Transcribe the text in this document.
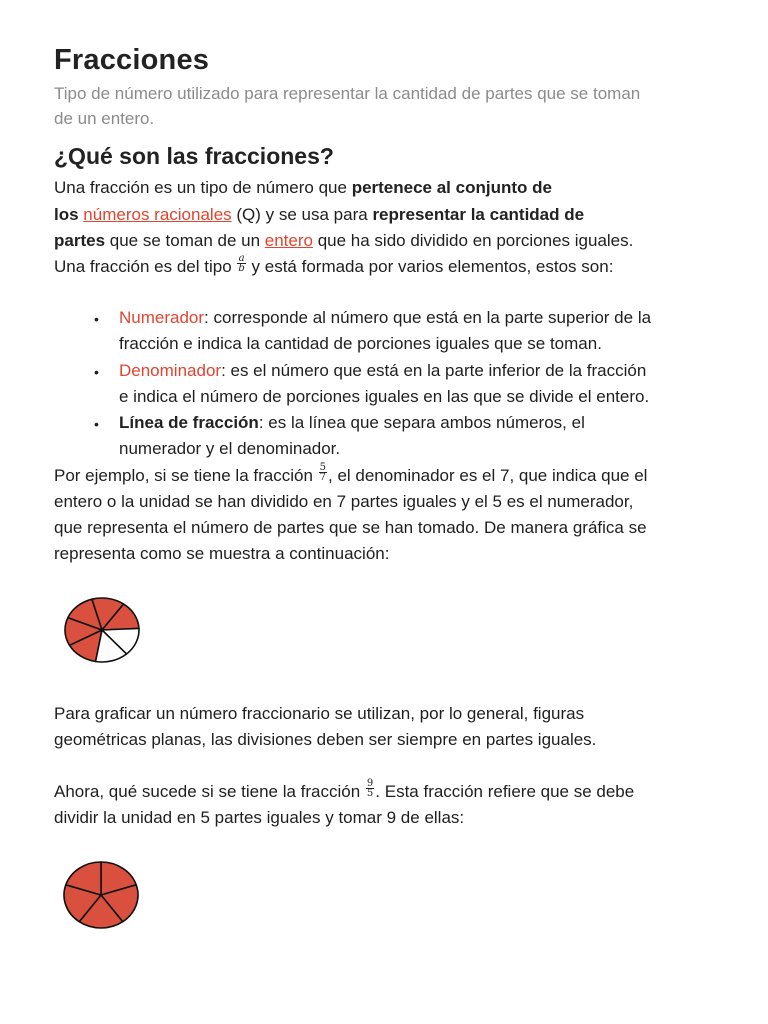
Fracciones
Tipo de número utilizado para representar la cantidad de partes que se toman
de un entero.
¿Qué son las fracciones?
Una fracción es un tipo de número que pertenece al conjunto de
los números racionales (Q) y se usa para representar la cantidad de
partes que se toman de un entero que ha sido dividido en porciones iguales.
Una fracción es del tipo $\frac{a}{b}$ y está formada por varios elementos, estos son:
• Numerador: corresponde al número que está en la parte superior de la
fracción e indica la cantidad de porciones iguales que se toman.
• Denominador: es el número que está en la parte inferior de la fracción
e indica el número de porciones iguales en las que se divide el entero.
• Línea de fracción: es la línea que separa ambos números, el
numerador y el denominador.
Por ejemplo, si se tiene la fracción $\frac{5}{7}$ , el denominador es el 7, que indica que el
entero o la unidad se han dividido en 7 partes iguales y el 5 es el numerador,
que representa el número de partes que se han tomado. De manera gráfica se
representa como se muestra a continuación:
Para graficar un número fraccionario se utilizan, por lo general, figuras
geométricas planas, las divisiones deben ser siempre en partes iguales.
Ahora, qué sucede si se tiene la fracción $\frac{9}{5}$ . Esta fracción refiere que se debe
dividir la unidad en 5 partes iguales y tomar 9 de ellas:
